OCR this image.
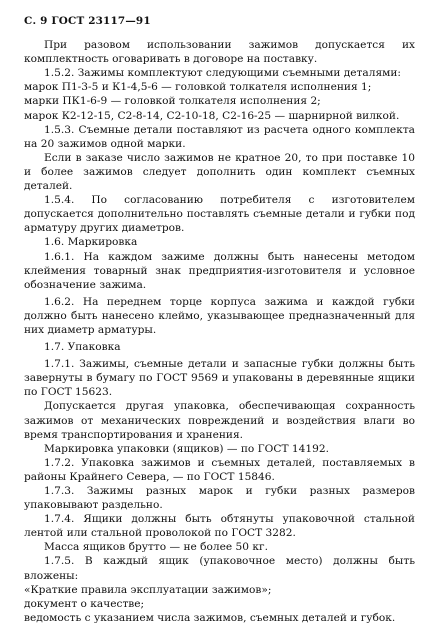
С. 9 ГОСТ 23117—91

При разовом использовании зажимов допускается их комплектность оговаривать в договоре на поставку.

1.5.2. Зажимы комплектуют следующими съемными деталями:

марок П1-3-5 и К1-4,5-6 — головкой толкателя исполнения 1;

марки ПК1-6-9 — головкой толкателя исполнения 2;

марок К2-12-15, С2-8-14, С2-10-18, С2-16-25 — шарнирной вилкой.

1.5.3. Съемные детали поставляют из расчета одного комплекта на 20 зажимов одной марки.

Если в заказе число зажимов не кратное 20, то при поставке 10 и более зажимов следует дополнить один комплект съемных деталей.

1.5.4. По согласованию потребителя с изготовителем допускается дополнительно поставлять съемные детали и губки под арматуру других диаметров.

1.6. Маркировка

1.6.1. На каждом зажиме должны быть нанесены методом клеймения товарный знак предприятия-изготовителя и условное обозначение зажима.

1.6.2. На переднем торце корпуса зажима и каждой губки должно быть нанесено клеймо, указывающее предназначенный для них диаметр арматуры.

1.7. Упаковка

1.7.1. Зажимы, съемные детали и запасные губки должны быть завернуты в бумагу по ГОСТ 9569 и упакованы в деревянные ящики по ГОСТ 15623.

Допускается другая упаковка, обеспечивающая сохранность зажимов от механических повреждений и воздействия влаги во время транспортирования и хранения.

Маркировка упаковки (ящиков) — по ГОСТ 14192.

1.7.2. Упаковка зажимов и съемных деталей, поставляемых в районы Крайнего Севера, — по ГОСТ 15846.

1.7.3. Зажимы разных марок и губки разных размеров упаковывают раздельно.

1.7.4. Ящики должны быть обтянуты упаковочной стальной лентой или стальной проволокой по ГОСТ 3282.

Масса ящиков брутто — не более 50 кг.

1.7.5. В каждый ящик (упаковочное место) должны быть вложены:

«Краткие правила эксплуатации зажимов»;

документ о качестве;

ведомость с указанием числа зажимов, съемных деталей и губок.
